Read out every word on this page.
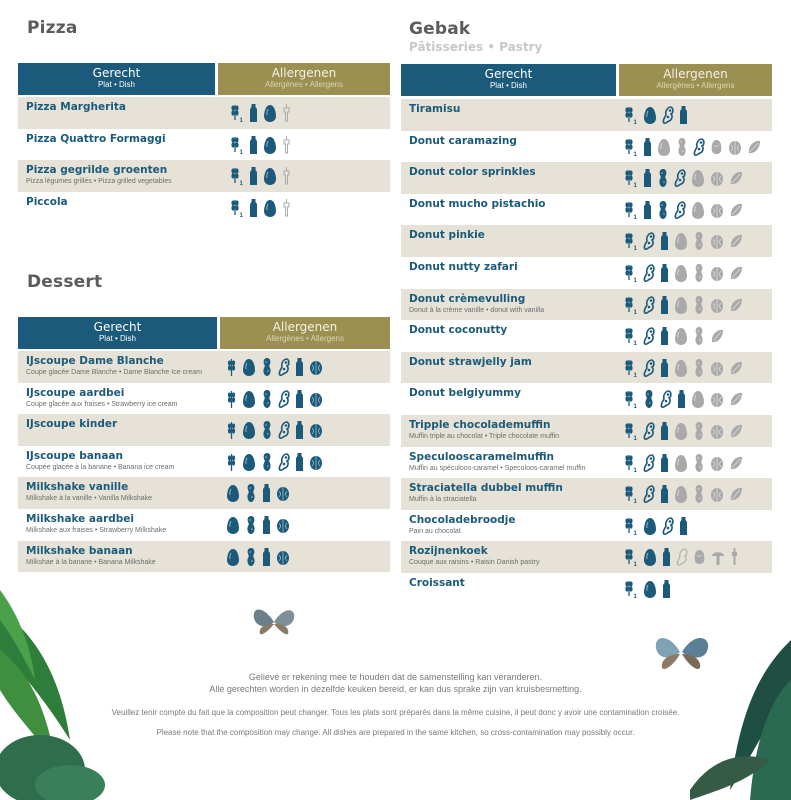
Pizza
Gerecht
Plat • Dish
Allergenen
Allergènes • Allergens
Pizza Margherita
1
Pizza Quattro Formaggi
1
Pizza gegrilde groenten
Pizza légumes grillés • Pizza grilled vegetables	1
Piccola
1
Dessert
Gerecht
Plat • Dish
Allergenen
Allergènes • Allergens
IJscoupe Dame Blanche
Coupe glacée Dame Blanche • Dame Blanche Ice cream
IJscoupe aardbei
Coupe glacée aux fraises • Strawberry ice cream
IJscoupe kinder
IJscoupe banaan
Coupée glacée à la banane • Banana ice cream
Milkshake vanille
Milkshake à la vanille • Vanilla Milkshake
Milkshake aardbei
Milkshake aux fraises • Strawberry Milkshake
Milkshake banaan
Milkshae à la banane • Banana Milkshake
Gebak
Pâtisseries • Pastry
Gerecht
Plat • Dish
Allergenen
Allergènes • Allergens
Tiramisu
1
Donut caramazing
1
Donut color sprinkles
1
Donut mucho pistachio
1
Donut pinkie
1
Donut nutty zafari
1
Donut crèmevulling
Donut à la crème vanille • donut with vanilla	1
Donut coconutty
1
Donut strawjelly jam
1
Donut belgiyummy
1
Tripple chocolademuffin
Muffin triple au chocolat • Triple chocolate muffin	1
Speculooscaramelmuffin
Muffin au spéculoos-caramel • Speculoos-caramel muffin	1
Straciatella dubbel muffin
Muffin à la straciatella	1
Chocoladebroodje
Pain au chocolat	1
Rozijnenkoek
Couque aux raisins • Raisin Danish pastry	1
Croissant
1
Gelieve er rekening mee te houden dat de samenstelling kan veranderen.
Alle gerechten worden in dezelfde keuken bereid, er kan dus sprake zijn van kruisbesmetting.
Veuillez tenir compte du fait que la composition peut changer. Tous les plats sont préparés dans la même cuisine, il peut donc y avoir une contamination croisée.
Please note that the composition may change. All dishes are prepared in the same kitchen, so cross-contamination may possibly occur.
